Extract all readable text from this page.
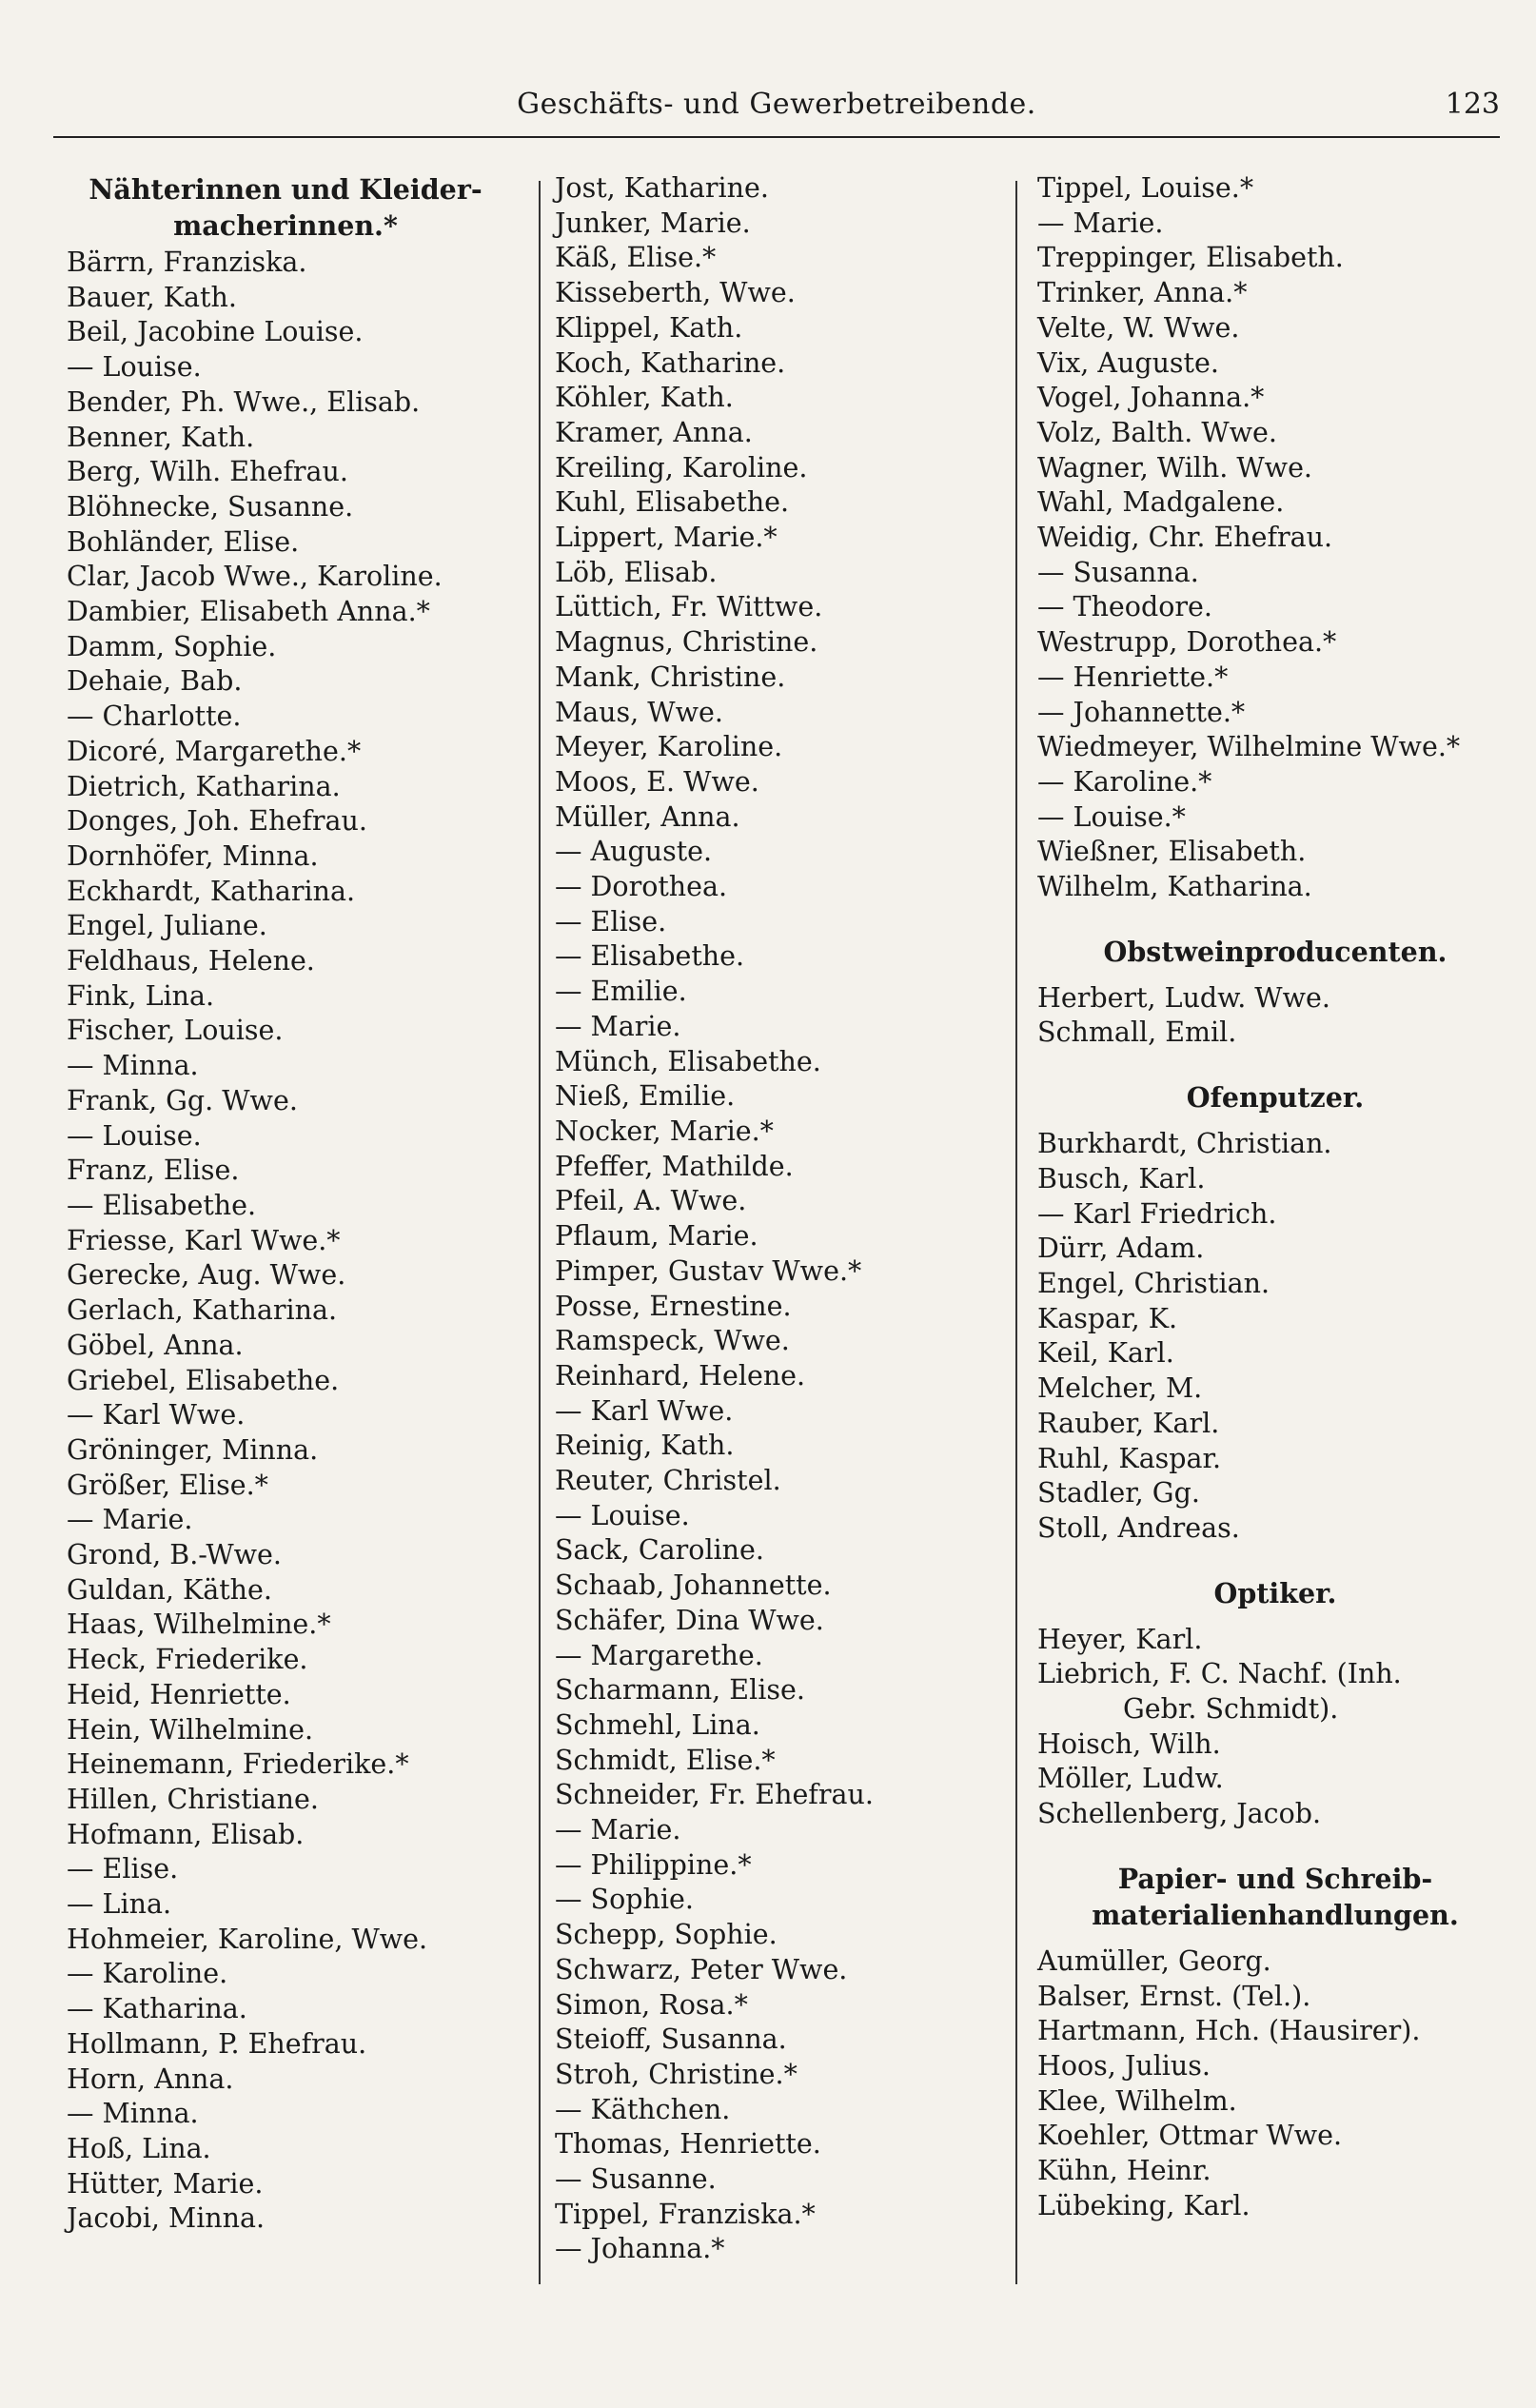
Geschäfts- und Gewerbetreibende.	123
Nähterinnen und Kleider-
macherinnen.*
Bärrn, Franziska.
Bauer, Kath.
Beil, Jacobine Louise.
— Louise.
Bender, Ph. Wwe., Elisab.
Benner, Kath.
Berg, Wilh. Ehefrau.
Blöhnecke, Susanne.
Bohländer, Elise.
Clar, Jacob Wwe., Karoline.
Dambier, Elisabeth Anna.*
Damm, Sophie.
Dehaie, Bab.
— Charlotte.
Dicoré, Margarethe.*
Dietrich, Katharina.
Donges, Joh. Ehefrau.
Dornhöfer, Minna.
Eckhardt, Katharina.
Engel, Juliane.
Feldhaus, Helene.
Fink, Lina.
Fischer, Louise.
— Minna.
Frank, Gg. Wwe.
— Louise.
Franz, Elise.
— Elisabethe.
Friesse, Karl Wwe.*
Gerecke, Aug. Wwe.
Gerlach, Katharina.
Göbel, Anna.
Griebel, Elisabethe.
— Karl Wwe.
Gröninger, Minna.
Größer, Elise.*
— Marie.
Grond, B.-Wwe.
Guldan, Käthe.
Haas, Wilhelmine.*
Heck, Friederike.
Heid, Henriette.
Hein, Wilhelmine.
Heinemann, Friederike.*
Hillen, Christiane.
Hofmann, Elisab.
— Elise.
— Lina.
Hohmeier, Karoline, Wwe.
— Karoline.
— Katharina.
Hollmann, P. Ehefrau.
Horn, Anna.
— Minna.
Hoß, Lina.
Hütter, Marie.
Jacobi, Minna.
Jost, Katharine.
Junker, Marie.
Käß, Elise.*
Kisseberth, Wwe.
Klippel, Kath.
Koch, Katharine.
Köhler, Kath.
Kramer, Anna.
Kreiling, Karoline.
Kuhl, Elisabethe.
Lippert, Marie.*
Löb, Elisab.
Lüttich, Fr. Wittwe.
Magnus, Christine.
Mank, Christine.
Maus, Wwe.
Meyer, Karoline.
Moos, E. Wwe.
Müller, Anna.
— Auguste.
— Dorothea.
— Elise.
— Elisabethe.
— Emilie.
— Marie.
Münch, Elisabethe.
Nieß, Emilie.
Nocker, Marie.*
Pfeffer, Mathilde.
Pfeil, A. Wwe.
Pflaum, Marie.
Pimper, Gustav Wwe.*
Posse, Ernestine.
Ramspeck, Wwe.
Reinhard, Helene.
— Karl Wwe.
Reinig, Kath.
Reuter, Christel.
— Louise.
Sack, Caroline.
Schaab, Johannette.
Schäfer, Dina Wwe.
— Margarethe.
Scharmann, Elise.
Schmehl, Lina.
Schmidt, Elise.*
Schneider, Fr. Ehefrau.
— Marie.
— Philippine.*
— Sophie.
Schepp, Sophie.
Schwarz, Peter Wwe.
Simon, Rosa.*
Steioff, Susanna.
Stroh, Christine.*
— Käthchen.
Thomas, Henriette.
— Susanne.
Tippel, Franziska.*
— Johanna.*
Tippel, Louise.*
— Marie.
Treppinger, Elisabeth.
Trinker, Anna.*
Velte, W. Wwe.
Vix, Auguste.
Vogel, Johanna.*
Volz, Balth. Wwe.
Wagner, Wilh. Wwe.
Wahl, Madgalene.
Weidig, Chr. Ehefrau.
— Susanna.
— Theodore.
Westrupp, Dorothea.*
— Henriette.*
— Johannette.*
Wiedmeyer, Wilhelmine Wwe.*
— Karoline.*
— Louise.*
Wießner, Elisabeth.
Wilhelm, Katharina.
Obstweinproducenten.
Herbert, Ludw. Wwe.
Schmall, Emil.
Ofenputzer.
Burkhardt, Christian.
Busch, Karl.
— Karl Friedrich.
Dürr, Adam.
Engel, Christian.
Kaspar, K.
Keil, Karl.
Melcher, M.
Rauber, Karl.
Ruhl, Kaspar.
Stadler, Gg.
Stoll, Andreas.
Optiker.
Heyer, Karl.
Liebrich, F. C. Nachf. (Inh.
Gebr. Schmidt).
Hoisch, Wilh.
Möller, Ludw.
Schellenberg, Jacob.
Papier- und Schreib-
materialienhandlungen.
Aumüller, Georg.
Balser, Ernst. (Tel.).
Hartmann, Hch. (Hausirer).
Hoos, Julius.
Klee, Wilhelm.
Koehler, Ottmar Wwe.
Kühn, Heinr.
Lübeking, Karl.
